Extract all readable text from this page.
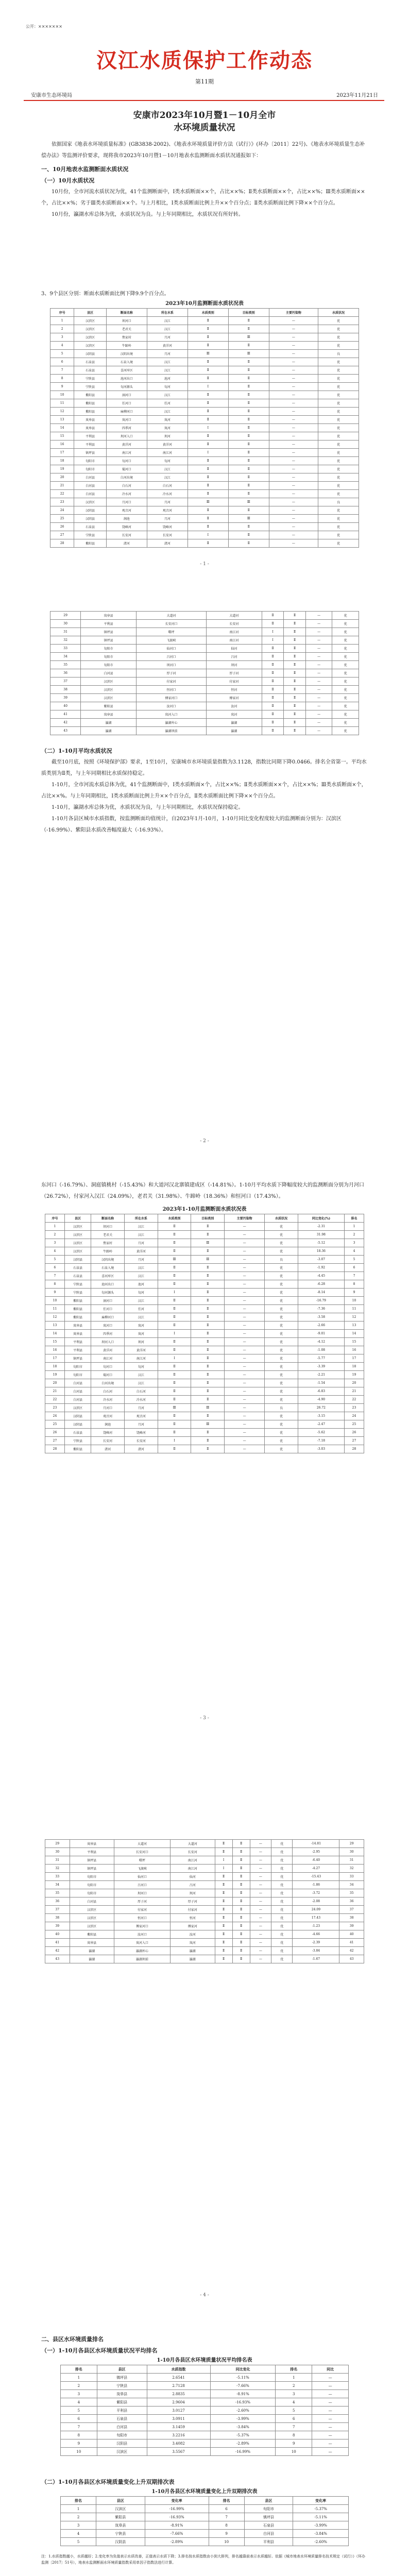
公开：×××××××
汉江水质保护工作动态
第11期
安康市生态环境局	2023年11月21日
安康市2023年10月暨1－10月全市
水环境质量状况

依据国家《地表水环境质量标准》(GB3838-2002)、《地表水环境质量评价方法（试行）》(环办〔2011〕22号)、《地表水环境质量生态补偿办法》等监测评价要求，现将我市2023年10月暨1－10月地表水监测断面水质状况通报如下：

一、10月地表水监测断面水质状况

（一）10月水质状况

10月份，全市河流水质状况为优，41个监测断面中，Ⅰ类水质断面××个，占比××%；Ⅱ类水质断面××个，占比××%；Ⅲ类水质断面××个，占比××%；劣于Ⅲ类水质断面××个。与上月相比，Ⅰ类水质断面比例上升××个百分点；Ⅱ类水质断面比例下降××个百分点。

10月份，瀛湖水库总体为优，水质状况为良。与上年同期相比，水质状况有所好转。

3、9个县区分别：断面水质断面比例下降9.9个百分点。

2023年10月监测断面水质状况表
序号	县区	断面名称	所在水系	水质类别	目标类别	主要污染物	水质状况
1	汉滨区	坝河口	汉江	Ⅱ	Ⅱ	—	优
2	汉滨区	老君关	汉江	Ⅱ	Ⅱ	—	优
3	汉滨区	焦家村	月河	Ⅱ	Ⅲ	—	优
4	汉滨区	牛蹄岭	黄洋河	Ⅱ	Ⅱ	—	优
5	汉阴县	汉阴出境	月河	Ⅲ	Ⅲ	—	良
6	石泉县	石泉入境	汉江	Ⅱ	Ⅱ	—	优
7	石泉县	喜河库区	汉江	Ⅱ	Ⅱ	—	优
8	宁陕县	池河出口	池河	Ⅱ	Ⅱ	—	优
9	宁陕县	旬河源头	旬河	Ⅰ	Ⅱ	—	优
10	紫阳县	洞河口	汉江	Ⅱ	Ⅱ	—	优
11	紫阳县	任河口	任河	Ⅱ	Ⅱ	—	优
12	紫阳县	麻柳河口	汉江	Ⅱ	Ⅱ	—	优
13	岚皋县	岚河口	岚河	Ⅱ	Ⅱ	—	优
14	岚皋县	四季河	岚河	Ⅰ	Ⅱ	—	优
15	平利县	坝河入口	坝河	Ⅱ	Ⅱ	—	优
16	平利县	黄洋河	黄洋河	Ⅱ	Ⅱ	—	优
17	镇坪县	南江河	南江河	Ⅰ	Ⅱ	—	优
18	旬阳市	旬河口	旬河	Ⅱ	Ⅱ	—	优
19	旬阳市	蜀河口	汉江	Ⅱ	Ⅱ	—	优
20	白河县	白河出境	汉江	Ⅱ	Ⅱ	—	优
21	白河县	白石河	白石河	Ⅱ	Ⅱ	—	优
22	白河县	冷水河	冷水河	Ⅱ	Ⅱ	—	优
23	汉滨区	月河口	月河	Ⅲ	Ⅲ	—	良
24	汉阴县	观音河	观音河	Ⅱ	Ⅱ	—	优
25	汉阴县	涧池	月河	Ⅱ	Ⅲ	—	优
26	石泉县	饶峰河	饶峰河	Ⅱ	Ⅱ	—	优
27	宁陕县	长安河	长安河	Ⅰ	Ⅱ	—	优
28	紫阳县	渚河	渚河	Ⅱ	Ⅱ	—	优
- 1 -
29	岚皋县	大道河	大道河	Ⅱ	Ⅱ	—	优
30	平利县	长安河口	长安河	Ⅱ	Ⅱ	—	优
31	镇坪县	曙坪	南江河	Ⅰ	Ⅱ	—	优
32	镇坪县	飞渡峡	南江河	Ⅰ	Ⅱ	—	优
33	旬阳市	仙河口	仙河	Ⅱ	Ⅱ	—	优
34	旬阳市	吕河口	吕河	Ⅱ	Ⅱ	—	优
35	旬阳市	坝河口	坝河	Ⅱ	Ⅱ	—	优
36	白河县	厚子河	厚子河	Ⅱ	Ⅱ	—	优
37	汉滨区	付家河	付家河	Ⅱ	Ⅱ	—	优
38	汉滨区	恒河口	恒河	Ⅱ	Ⅱ	—	优
39	汉滨区	傅家河口	傅家河	Ⅱ	Ⅱ	—	优
40	紫阳县	汝河口	汝河	Ⅱ	Ⅱ	—	优
41	岚皋县	岚河入口	岚河	Ⅱ	Ⅱ	—	优
42	瀛湖	瀛湖库心	瀛湖	Ⅱ	Ⅱ	—	优
43	瀛湖	瀛湖坝前	瀛湖	Ⅱ	Ⅱ	—	优

（二）1-10月平均水质状况

截至10月底，按照《环境保护部》要求，1至10月，安康城市水环境质量指数为3.1128，指数比同期下降0.0466。排名全省第一。平均水质类别为Ⅱ类，与上年同期相比水质保持稳定。

1-10月，全市河流水质总体为优，41个监测断面中，Ⅰ类水质断面×个，占比××%；Ⅱ类水质断面××个，占比××%；Ⅲ类水质断面×个，占比××%。与上年同期相比，Ⅰ类水质断面比例上升××个百分点，Ⅱ类水质断面比例下降××个百分点。

1-10月，瀛湖水库总体为优，水质状况为良，与上年同期相比，水质状况保持稳定。

1-10月各县区城市水质指数，按监测断面均值统计，自2023年1月-10月，1-10月同比变化程度较大的监测断面分别为：汉滨区（-16.99%）、紫阳县水质改善幅度最大（-16.93%）。

- 2 -

东河口（-16.79%）、洞庭镇桃村（-15.43%）和大道河汉北寨镇建成区（-14.81%）。1-10月平均水质下降幅度较大的监测断面分别为月河口（26.72%），付家河入汉江（24.09%），老君关（31.98%）、牛蹄岭（18.36%）和恒河口（17.43%）。

2023年1-10月监测断面水质状况表
序号	县区	断面名称	所在水系	水质类别	目标类别	主要污染物	水质状况	同比变化(%)	排名
1	汉滨区	坝河口	汉江	Ⅱ	Ⅱ	—	优	-2.31	1
2	汉滨区	老君关	汉江	Ⅱ	Ⅱ	—	优	31.98	2
3	汉滨区	焦家村	月河	Ⅱ	Ⅲ	—	优	-5.12	3
4	汉滨区	牛蹄岭	黄洋河	Ⅱ	Ⅱ	—	优	18.36	4
5	汉阴县	汉阴出境	月河	Ⅲ	Ⅲ	—	良	-3.07	5
6	石泉县	石泉入境	汉江	Ⅱ	Ⅱ	—	优	-1.92	6
7	石泉县	喜河库区	汉江	Ⅱ	Ⅱ	—	优	-4.45	7
8	宁陕县	池河出口	池河	Ⅱ	Ⅱ	—	优	-6.28	8
9	宁陕县	旬河源头	旬河	Ⅰ	Ⅱ	—	优	-8.14	9
10	紫阳县	洞河口	汉江	Ⅱ	Ⅱ	—	优	-16.79	10
11	紫阳县	任河口	任河	Ⅱ	Ⅱ	—	优	-7.36	11
12	紫阳县	麻柳河口	汉江	Ⅱ	Ⅱ	—	优	-3.58	12
13	岚皋县	岚河口	岚河	Ⅱ	Ⅱ	—	优	-2.66	13
14	岚皋县	四季河	岚河	Ⅰ	Ⅱ	—	优	-9.01	14
15	平利县	坝河入口	坝河	Ⅱ	Ⅱ	—	优	-4.12	15
16	平利县	黄洋河	黄洋河	Ⅱ	Ⅱ	—	优	-1.08	16
17	镇坪县	南江河	南江河	Ⅰ	Ⅱ	—	优	-5.77	17
18	旬阳市	旬河口	旬河	Ⅱ	Ⅱ	—	优	-3.39	18
19	旬阳市	蜀河口	汉江	Ⅱ	Ⅱ	—	优	-2.21	19
20	白河县	白河出境	汉江	Ⅱ	Ⅱ	—	优	-1.54	20
21	白河县	白石河	白石河	Ⅱ	Ⅱ	—	优	-6.83	21
22	白河县	冷水河	冷水河	Ⅱ	Ⅱ	—	优	-4.90	22
23	汉滨区	月河口	月河	Ⅲ	Ⅲ	—	良	26.72	23
24	汉阴县	观音河	观音河	Ⅱ	Ⅱ	—	优	-3.15	24
25	汉阴县	涧池	月河	Ⅱ	Ⅲ	—	优	-2.47	25
26	石泉县	饶峰河	饶峰河	Ⅱ	Ⅱ	—	优	-5.62	26
27	宁陕县	长安河	长安河	Ⅰ	Ⅱ	—	优	-7.18	27
28	紫阳县	渚河	渚河	Ⅱ	Ⅱ	—	优	-3.03	28
- 3 -
29	岚皋县	大道河	大道河	Ⅱ	Ⅱ	—	优	-14.81	29
30	平利县	长安河口	长安河	Ⅱ	Ⅱ	—	优	-2.95	30
31	镇坪县	曙坪	南江河	Ⅰ	Ⅱ	—	优	-6.40	31
32	镇坪县	飞渡峡	南江河	Ⅰ	Ⅱ	—	优	-4.27	32
33	旬阳市	仙河口	仙河	Ⅱ	Ⅱ	—	优	-15.43	33
34	旬阳市	吕河口	吕河	Ⅱ	Ⅱ	—	优	-1.86	34
35	旬阳市	坝河口	坝河	Ⅱ	Ⅱ	—	优	-3.72	35
36	白河县	厚子河	厚子河	Ⅱ	Ⅱ	—	优	-2.08	36
37	汉滨区	付家河	付家河	Ⅱ	Ⅱ	—	优	24.09	37
38	汉滨区	恒河口	恒河	Ⅱ	Ⅱ	—	优	17.43	38
39	汉滨区	傅家河口	傅家河	Ⅱ	Ⅱ	—	优	-1.23	39
40	紫阳县	汝河口	汝河	Ⅱ	Ⅱ	—	优	-4.66	40
41	岚皋县	岚河入口	岚河	Ⅱ	Ⅱ	—	优	-2.39	41
42	瀛湖	瀛湖库心	瀛湖	Ⅱ	Ⅱ	—	优	-3.84	42
43	瀛湖	瀛湖坝前	瀛湖	Ⅱ	Ⅱ	—	优	-1.67	43
- 4 -

二、县区水环境质量排名

（一）1-10月各县区水环境质量状况平均排名

1-10月各县区水环境质量状况平均排名表
排名	县区	水质指数	同比变化	排名	同比
1	镇坪县	2.6541	-5.11%	1	—
2	宁陕县	2.7128	-7.66%	2	—
3	岚皋县	2.8835	-8.91%	3	—
4	紫阳县	2.9604	-16.93%	4	—
5	平利县	3.0127	-2.60%	5	—
6	石泉县	3.0911	-3.99%	6	—
7	白河县	3.1459	-3.84%	7	—
8	旬阳市	3.2216	-5.37%	8	—
9	汉阴县	3.4082	-2.89%	9	—
10	汉滨区	3.5567	-16.99%	10	—

（二）1-10月各县区水环境质量变化上升双期排次表

1-10月各县区水环境质量变化上升双期排次表
排名	县区	变化率	排名	县区	变化率
1	汉滨区	-16.99%	6	旬阳市	-5.37%
2	紫阳县	-16.93%	7	镇坪县	-5.11%
3	岚皋县	-8.91%	8	石泉县	-3.99%
4	宁陕县	-7.66%	9	白河县	-3.84%
5	汉阴县	-2.89%	10	平利县	-2.60%

注：1.水质指数越小，水质越好；2.变化率为负值表示水质改善，正值表示水质下降；3.排名按水质指数由小到大排列，排名越靠前表示水质越好。依据《城市地表水环境质量排名技术规定（试行）》（环办监测〔2017〕51号），地表水监测断面水环境质量指数采用单因子指数法进行计算。
